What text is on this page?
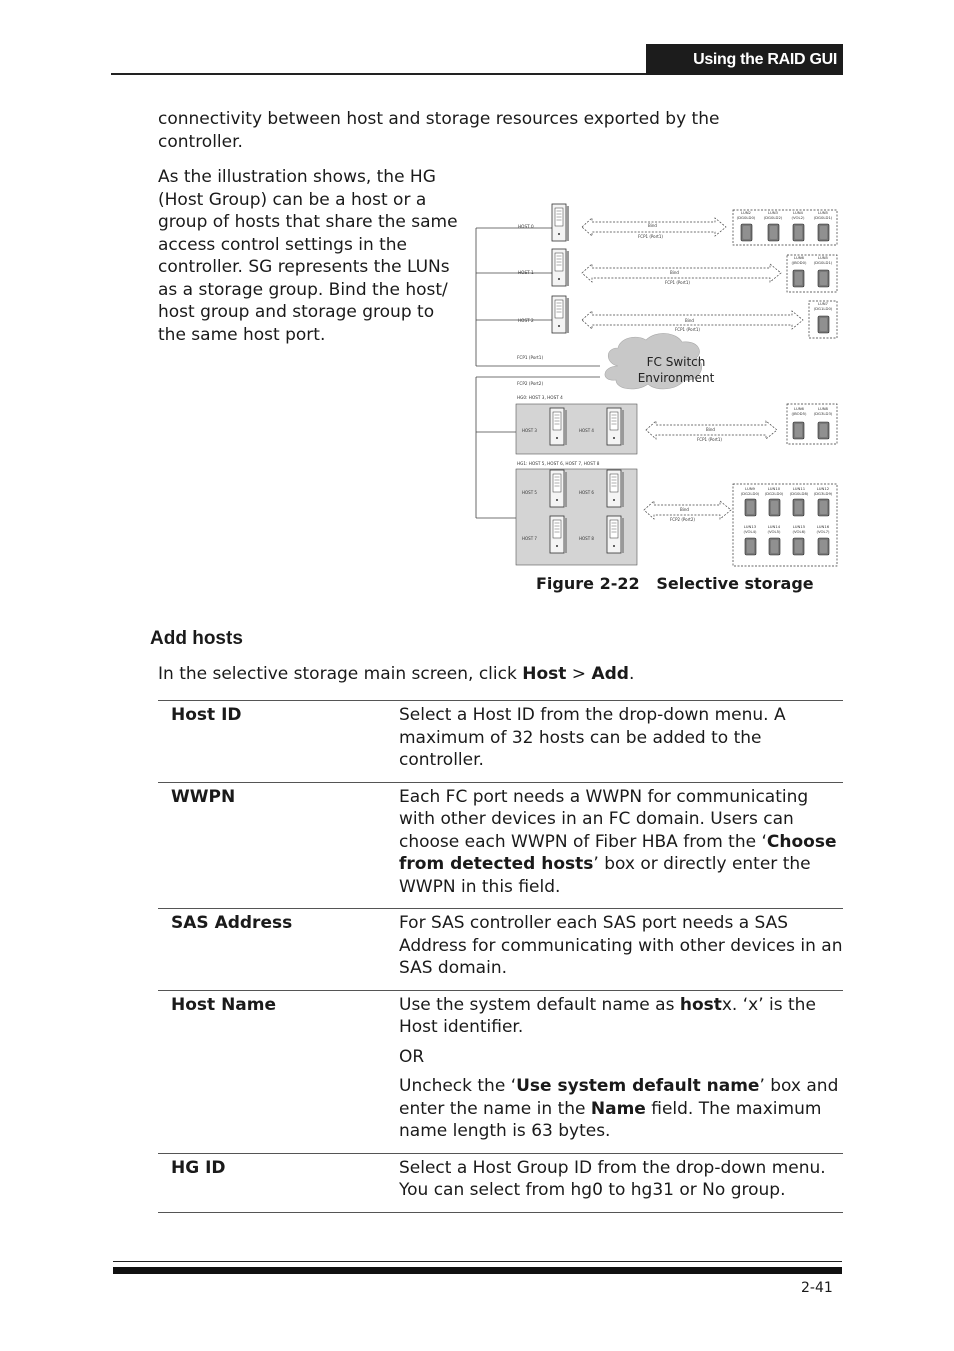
Using the RAID GUI
connectivity between host and storage resources exported by the controller.
As the illustration shows, the HG (Host Group) can be a host or a group of hosts that share the same access control settings in the controller. SG represents the LUNs as a storage group. Bind the host/ host group and storage group to the same host port.
HOST 0
HOST 1
HOST 2
Bind
FCP1 (Port1)
Bind
FCP1 (Port1)
Bind
FCP1 (Port1)
LUN2
(DG0LD0)
LUN3
(DG0LD2)
LUN4
(VOL2)
LUN5
(DG0LD1)
LUN6
(JBOD0)
LUN5
(DG0LD1)
LUN7
(DG1LD0)
FCP1 (Port1)
FCP2 (Port2)
FC Switch
Environment
HG0: HOST 3, HOST 4
HOST 3	HOST 4	Bind
FCP1 (Port1)
LUN6
(JBOD5)
LUN8
(DG3LD3)
HG1: HOST 5, HOST 6, HOST 7, HOST 8
HOST 5	HOST 6
HOST 7	HOST 8
Bind
FCP2 (Port2)
LUN9
(DG2LD0)
LUN10
(DG2LD0)
LUN11
(DG0LD8)
LUN12
(DG3LD9)
LUN13
(VOL4)
LUN14
(VOL5)
LUN15
(VOL6)
LUN16
(VOL7)
Figure 2-22   Selective storage
Add hosts
In the selective storage main screen, click Host > Add.
Host ID	Select a Host ID from the drop-down menu. A maximum of 32 hosts can be added to the controller.
WWPN	Each FC port needs a WWPN for communicating with other devices in an FC domain. Users can choose each WWPN of Fiber HBA from the ‘Choose from detected hosts’ box or directly enter the WWPN in this field.
SAS Address	For SAS controller each SAS port needs a SAS Address for communicating with other devices in an SAS domain.
Host Name	Use the system default name as hostx. ‘x’ is the Host identifier.
OR
Uncheck the ‘Use system default name’ box and enter the name in the Name field. The maximum name length is 63 bytes.

HG ID	Select a Host Group ID from the drop-down menu. You can select from hg0 to hg31 or No group.
2-41
